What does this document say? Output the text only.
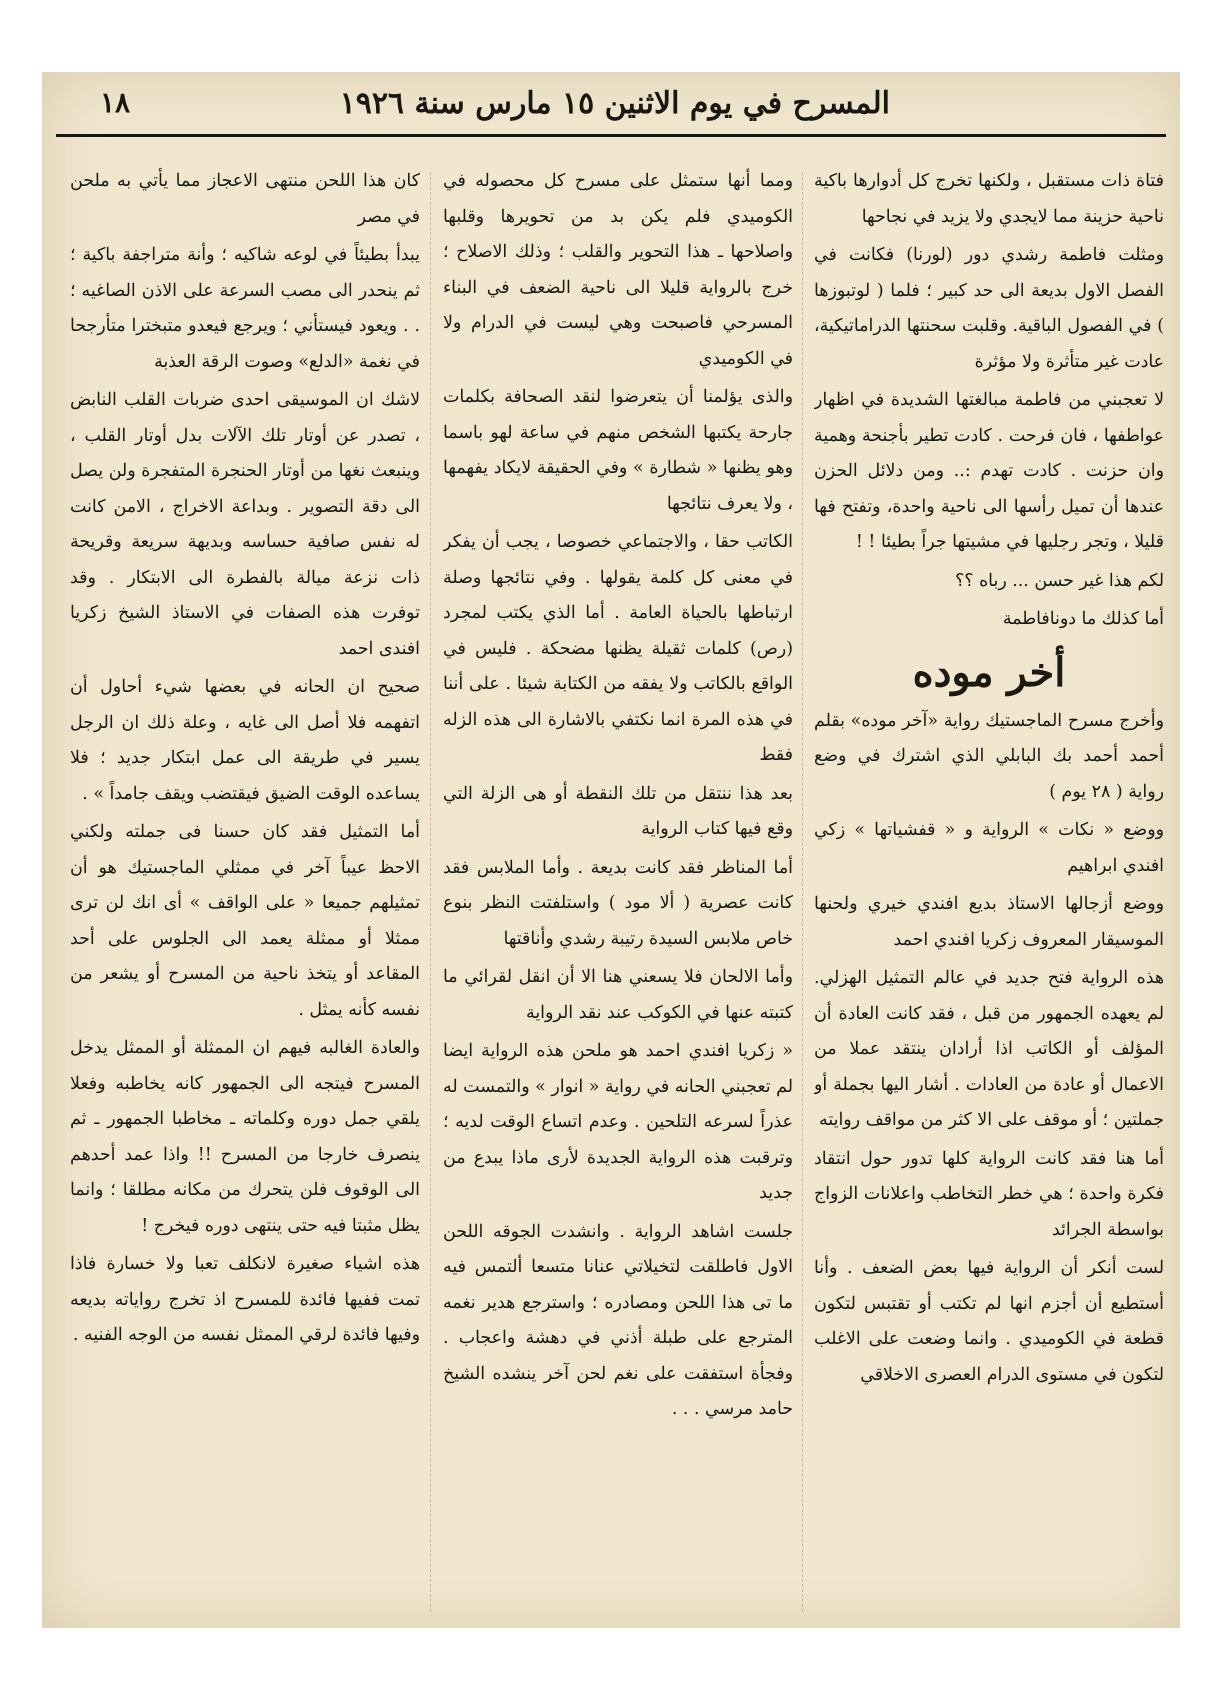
المسرح في يوم الاثنين ١٥ مارس سنة ١٩٢٦
١٨

فتاة ذات مستقبل ، ولكنها تخرج كل أدوارها باكية ناحية حزينة مما لايجدي ولا يزيد في نجاحها

ومثلت فاطمة رشدي دور (لورنا) فكانت في الفصل الاول بديعة الى حد كبير ؛ فلما ( لوتبوزها ) في الفصول الباقية. وقلبت سحنتها الدراماتيكية، عادت غير متأثرة ولا مؤثرة

لا تعجبني من فاطمة مبالغتها الشديدة في اظهار عواطفها ، فان فرحت . كادت تطير بأجنحة وهمية وان حزنت . كادت تهدم :.. ومن دلائل الحزن عندها أن تميل رأسها الى ناحية واحدة، وتفتح فها قليلا ، وتجر رجليها في مشيتها جراً بطيئا ! !

لكم هذا غير حسن ... رباه ؟؟

أما كذلك ما دونافاطمة

أخر موده

وأخرج مسرح الماجستيك رواية «آخر موده» بقلم أحمد أحمد بك البابلي الذي اشترك في وضع رواية ( ٢٨ يوم )

ووضع « نكات » الرواية و « قفشياتها » زكي افندي ابراهيم

ووضع أزجالها الاستاذ بديع افندي خيري ولحنها الموسيقار المعروف زكريا افندي احمد

هذه الرواية فتح جديد في عالم التمثيل الهزلي. لم يعهده الجمهور من قبل ، فقد كانت العادة أن المؤلف أو الكاتب اذا أرادان ينتقد عملا من الاعمال أو عادة من العادات . أشار اليها بجملة أو جملتين ؛ أو موقف على الا كثر من مواقف روايته

أما هنا فقد كانت الرواية كلها تدور حول انتقاد فكرة واحدة ؛ هي خطر التخاطب واعلانات الزواج بواسطة الجرائد

لست أنكر أن الرواية فيها بعض الضعف . وأنا أستطيع أن أجزم انها لم تكتب أو تقتبس لتكون قطعة في الكوميدي . وانما وضعت على الاغلب لتكون في مستوى الدرام العصرى الاخلاقي

ومما أنها ستمثل على مسرح كل محصوله في الكوميدي فلم يكن بد من تحويرها وقلبها واصلاحها ـ هذا التحوير والقلب ؛ وذلك الاصلاح ؛ خرج بالرواية قليلا الى ناحية الضعف في البناء المسرحي فاصبحت وهي ليست في الدرام ولا في الكوميدي

والذى يؤلمنا أن يتعرضوا لنقد الصحافة بكلمات جارحة يكتبها الشخص منهم في ساعة لهو باسما وهو يظنها « شطارة » وفي الحقيقة لايكاد يفهمها ، ولا يعرف نتائجها

الكاتب حقا ، والاجتماعي خصوصا ، يجب أن يفكر في معنى كل كلمة يقولها . وفي نتائجها وصلة ارتباطها بالحياة العامة . أما الذي يكتب لمجرد (رص) كلمات ثقيلة يظنها مضحكة . فليس في الواقع بالكاتب ولا يفقه من الكتابة شيئا . على أننا في هذه المرة انما نكتفي بالاشارة الى هذه الزله فقط

بعد هذا ننتقل من تلك النقطة أو هى الزلة التي وقع فيها كتاب الرواية

أما المناظر فقد كانت بديعة . وأما الملابس فقد كانت عصرية ( ألا مود ) واستلفتت النظر بنوع خاص ملابس السيدة رتيبة رشدي وأناقتها

وأما الالحان فلا يسعني هنا الا أن انقل لقرائي ما كتبته عنها في الكوكب عند نقد الرواية

« زكريا افندي احمد هو ملحن هذه الرواية ايضا لم تعجبني الحانه في رواية « انوار » والتمست له عذراً لسرعه التلحين . وعدم اتساع الوقت لديه ؛ وترقبت هذه الرواية الجديدة لأرى ماذا يبدع من جديد

جلست اشاهد الرواية . وانشدت الجوقه اللحن الاول فاطلقت لتخيلاتي عنانا متسعا ألتمس فيه ما تى هذا اللحن ومصادره ؛ واسترجع هدير نغمه المترجع على طبلة أذني في دهشة واعجاب . وفجأة استفقت على نغم لحن آخر ينشده الشيخ حامد مرسي . . .

كان هذا اللحن منتهى الاعجاز مما يأتي به ملحن في مصر

يبدأ بطيئاً في لوعه شاكيه ؛ وأنة متراجفة باكية ؛ ثم ينحدر الى مصب السرعة على الاذن الصاغيه ؛ . . ويعود فيستأني ؛ ويرجع فيعدو متبخترا متأرجحا في نغمة «الدلع» وصوت الرقة العذبة

لاشك ان الموسيقى احدى ضربات القلب النابض ، تصدر عن أوتار تلك الآلات بدل أوتار القلب ، وينبعث نغها من أوتار الحنجرة المتفجرة ولن يصل الى دقة التصوير . وبداعة الاخراج ، الامن كانت له نفس صافية حساسه وبديهة سريعة وقريحة ذات نزعة ميالة بالفطرة الى الابتكار . وقد توفرت هذه الصفات في الاستاذ الشيخ زكريا افندى احمد

صحيح ان الحانه في بعضها شيء أحاول أن اتفهمه فلا أصل الى غايه ، وعلة ذلك ان الرجل يسير في طريقة الى عمل ابتكار جديد ؛ فلا يساعده الوقت الضيق فيقتضب ويقف جامداً » .

أما التمثيل فقد كان حسنا فى جملته ولكني الاحظ عيباً آخر في ممثلي الماجستيك هو أن تمثيلهم جميعا « على الواقف » أى انك لن ترى ممثلا أو ممثلة يعمد الى الجلوس على أحد المقاعد أو يتخذ ناحية من المسرح أو يشعر من نفسه كأنه يمثل .

والعادة الغالبه فيهم ان الممثلة أو الممثل يدخل المسرح فيتجه الى الجمهور كانه يخاطبه وفعلا يلقي جمل دوره وكلماته ـ مخاطبا الجمهور ـ ثم ينصرف خارجا من المسرح !! واذا عمد أحدهم الى الوقوف فلن يتحرك من مكانه مطلقا ؛ وانما يظل مثبتا فيه حتى ينتهى دوره فيخرج !

هذه اشياء صغيرة لانكلف تعبا ولا خسارة فاذا تمت ففيها فائدة للمسرح اذ تخرج رواياته بديعه وفيها فائدة لرقي الممثل نفسه من الوجه الفنيه .
